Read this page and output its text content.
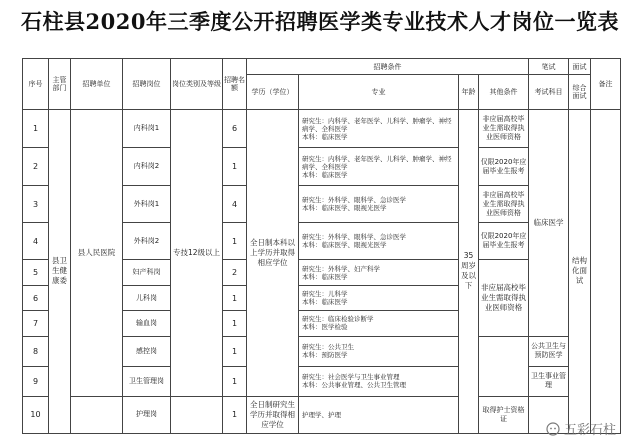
石柱县2020年三季度公开招聘医学类专业技术人才岗位一览表
序号	主管部门	招聘单位	招聘岗位	岗位类别及等级	招聘名额	招聘条件				笔试	面试	备注
						学历（学位）	专业	年龄	其他条件	考试科目	综合面试	
1	县卫生健康委	县人民医院	内科岗1	专技12级以上	6	全日制本科以上学历并取得相应学位	研究生：内科学、老年医学、儿科学、肿瘤学、神经病学、全科医学
本科：临床医学	35周岁及以下	非应届高校毕业生需取得执业医师资格	临床医学	结构化面试	
2			内科岗2		1		研究生：内科学、老年医学、儿科学、肿瘤学、神经病学、全科医学
本科：临床医学		仅限2020年应届毕业生报考			
3			外科岗1		4		研究生：外科学、眼科学、急诊医学
本科：临床医学、眼视光医学		非应届高校毕业生需取得执业医师资格			
4			外科岗2		1		研究生：外科学、眼科学、急诊医学
本科：临床医学、眼视光医学		仅限2020年应届毕业生报考			
5			妇产科岗		2		研究生：外科学、妇产科学
本科：临床医学		非应届高校毕业生需取得执业医师资格			
6			儿科岗		1		研究生：儿科学
本科：临床医学					
7			输血岗		1		研究生：临床检验诊断学
本科：医学检验					
8			感控岗		1		研究生：公共卫生
本科：预防医学			公共卫生与预防医学		
9			卫生管理岗		1		研究生：社会医学与卫生事业管理
本科：公共事业管理、公共卫生管理			卫生事业管理		
10			护理岗		1	全日制研究生学历并取得相应学位	护理学、护理		取得护士资格证			
五彩石柱
